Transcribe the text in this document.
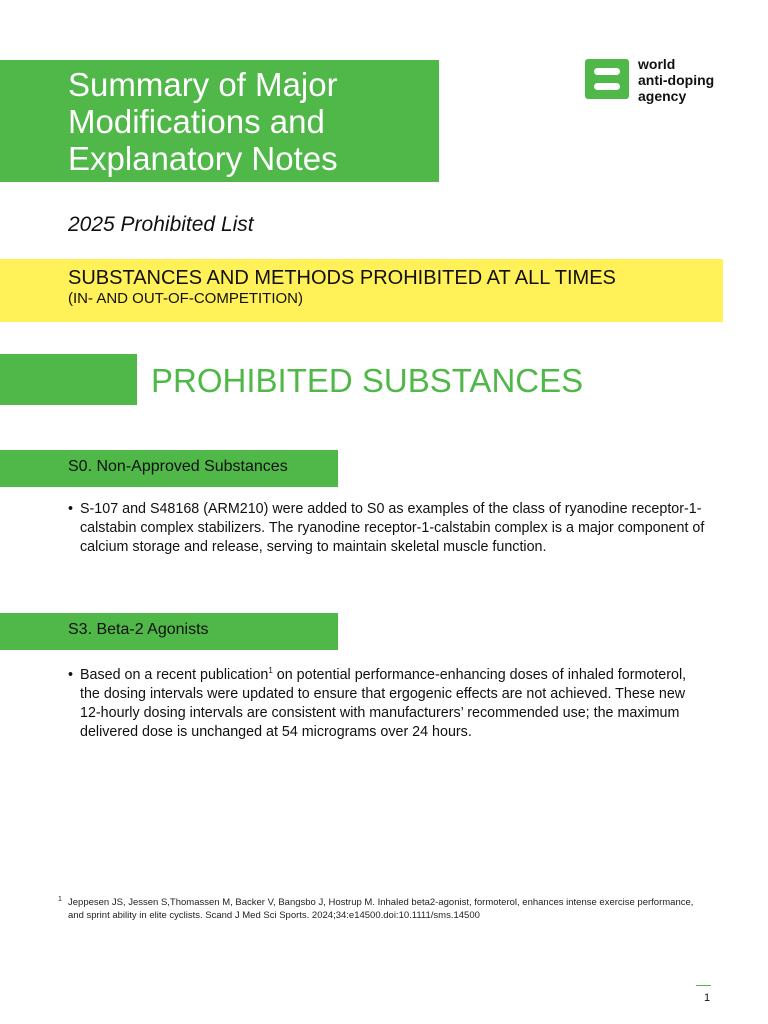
Summary of Major
Modifications and
Explanatory Notes
world
anti-doping
agency
2025 Prohibited List
SUBSTANCES AND METHODS PROHIBITED AT ALL TIMES
(IN- AND OUT-OF-COMPETITION)
PROHIBITED SUBSTANCES
S0. Non-Approved Substances
• S-107 and S48168 (ARM210) were added to S0 as examples of the class of ryanodine receptor-1-calstabin complex stabilizers. The ryanodine receptor-1-calstabin complex is a major component of calcium storage and release, serving to maintain skeletal muscle function.
S3. Beta-2 Agonists
• Based on a recent publication$^1$ on potential performance-enhancing doses of inhaled formoterol, the dosing intervals were updated to ensure that ergogenic effects are not achieved. These new 12-hourly dosing intervals are consistent with manufacturers’ recommended use; the maximum delivered dose is unchanged at 54 micrograms over 24 hours.
1 Jeppesen JS, Jessen S,Thomassen M, Backer V, Bangsbo J, Hostrup M. Inhaled beta2-agonist, formoterol, enhances intense exercise performance, and sprint ability in elite cyclists. Scand J Med Sci Sports. 2024;34:e14500.doi:10.1111/sms.14500
1
